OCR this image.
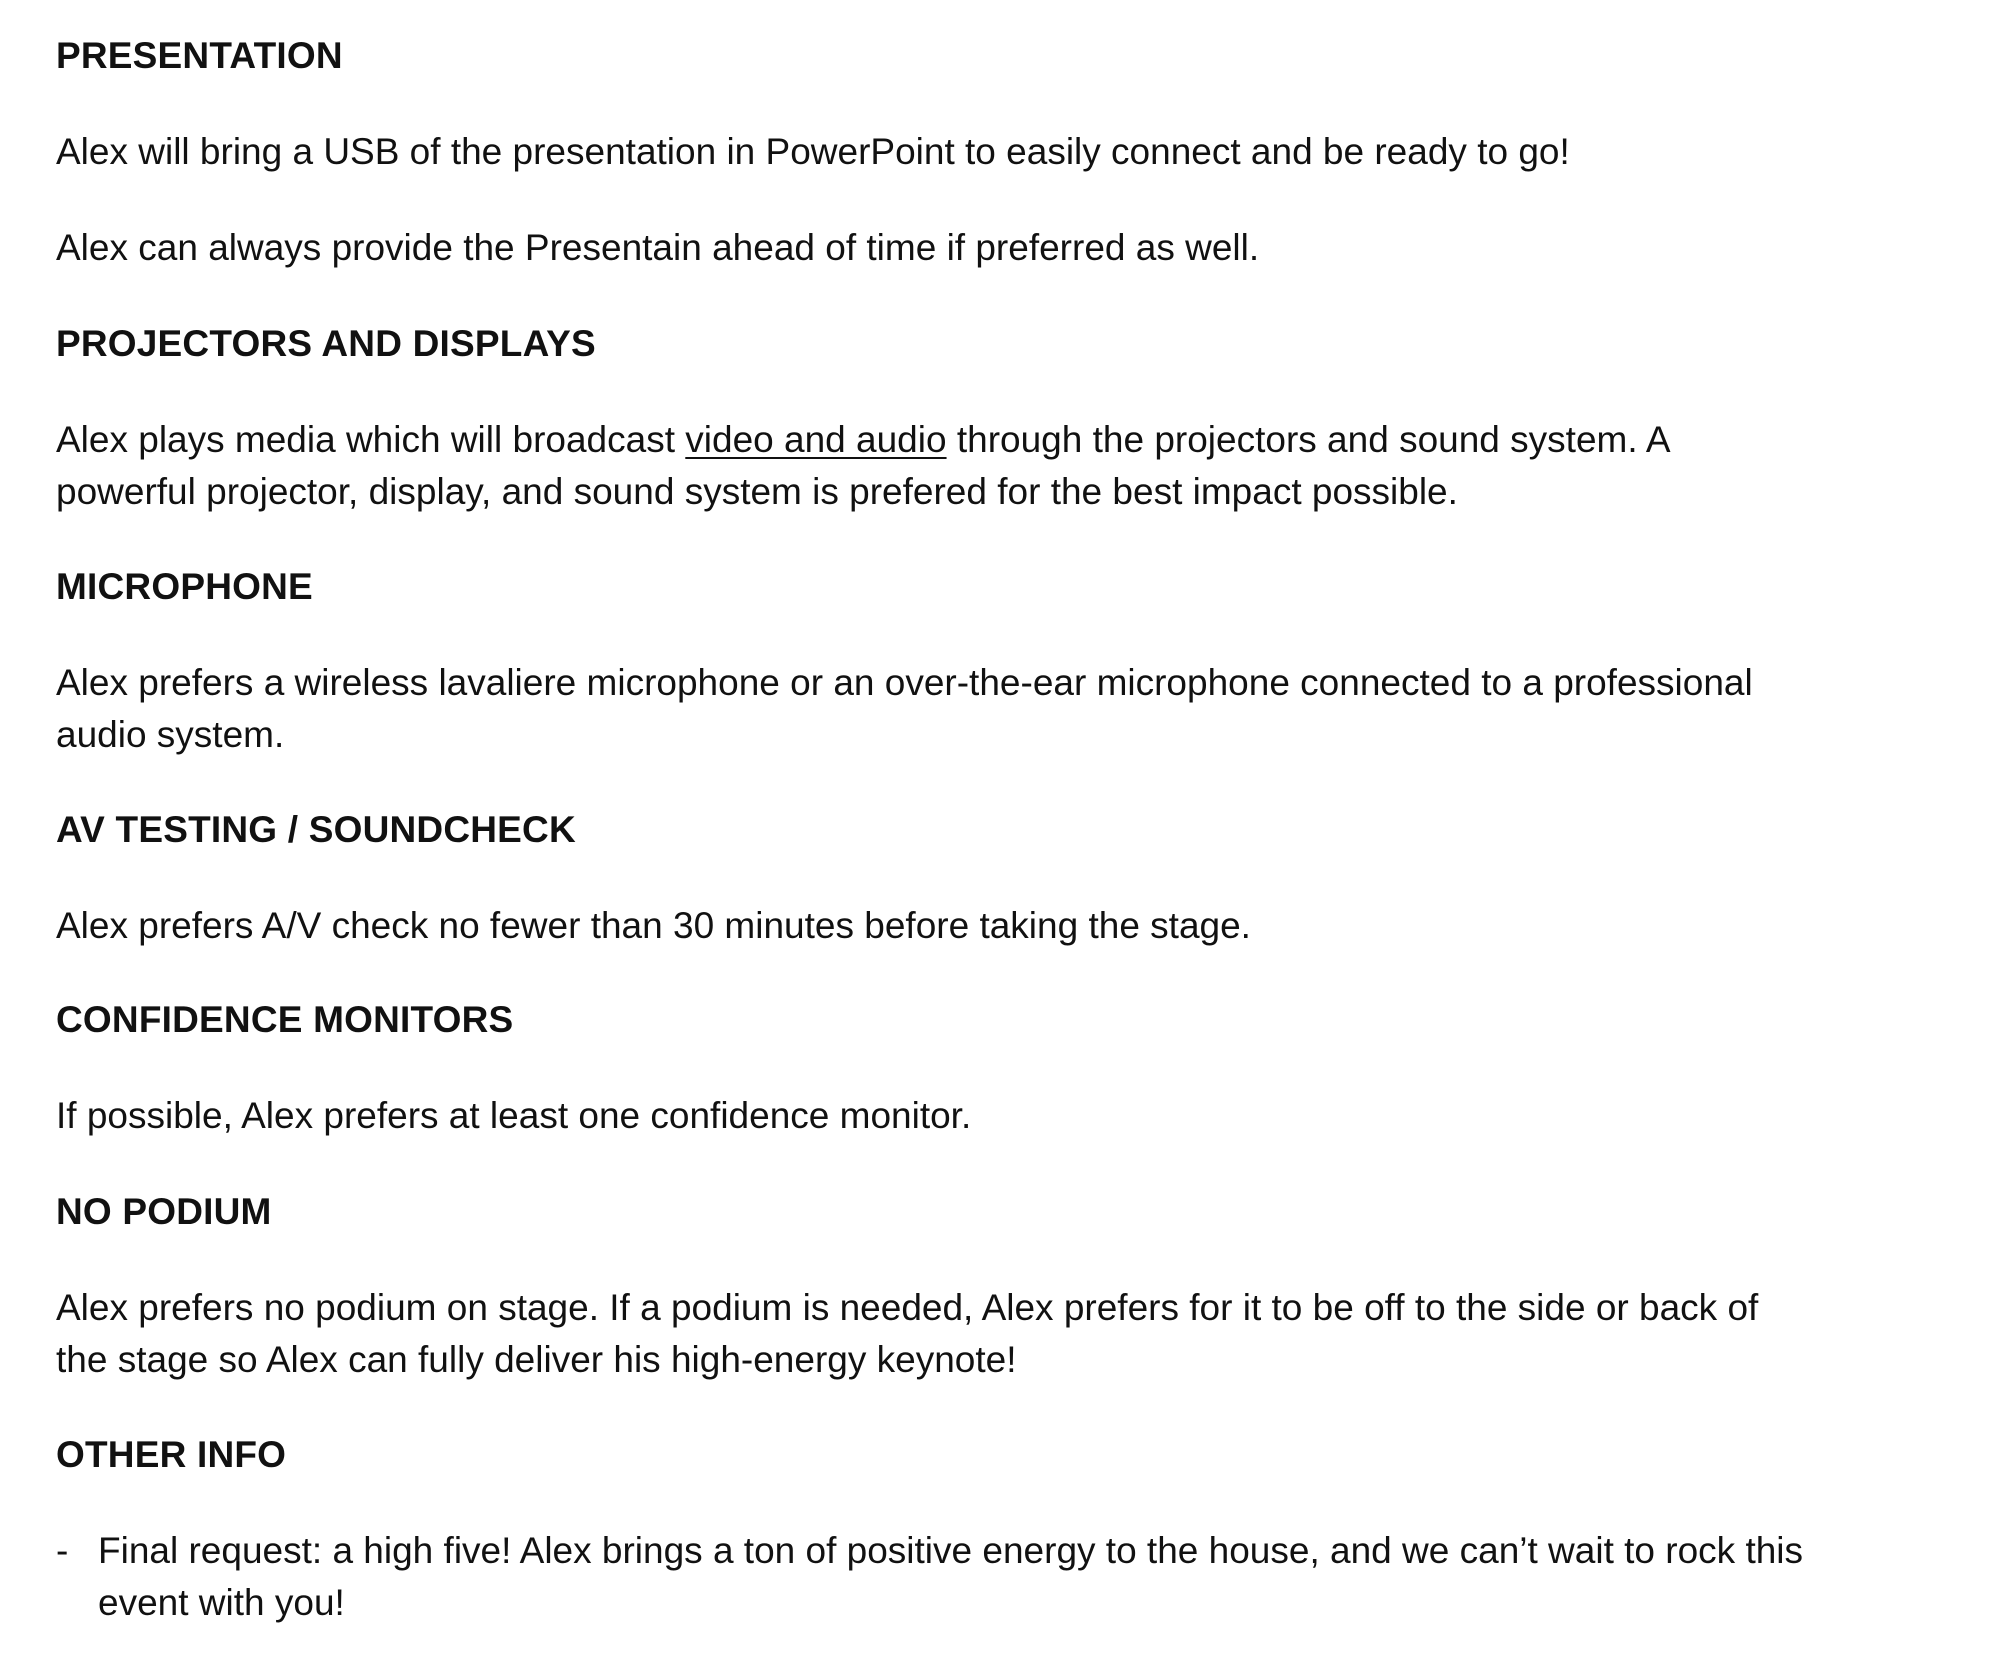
PRESENTATION
Alex will bring a USB of the presentation in PowerPoint to easily connect and be ready to go!
Alex can always provide the Presentain ahead of time if preferred as well.
PROJECTORS AND DISPLAYS
Alex plays media which will broadcast video and audio through the projectors and sound system. A
powerful projector, display, and sound system is prefered for the best impact possible.
MICROPHONE
Alex prefers a wireless lavaliere microphone or an over-the-ear microphone connected to a professional
audio system.
AV TESTING / SOUNDCHECK
Alex prefers A/V check no fewer than 30 minutes before taking the stage.
CONFIDENCE MONITORS
If possible, Alex prefers at least one confidence monitor.
NO PODIUM
Alex prefers no podium on stage. If a podium is needed, Alex prefers for it to be off to the side or back of
the stage so Alex can fully deliver his high-energy keynote!
OTHER INFO
- Final request: a high five! Alex brings a ton of positive energy to the house, and we can’t wait to rock this
event with you!
